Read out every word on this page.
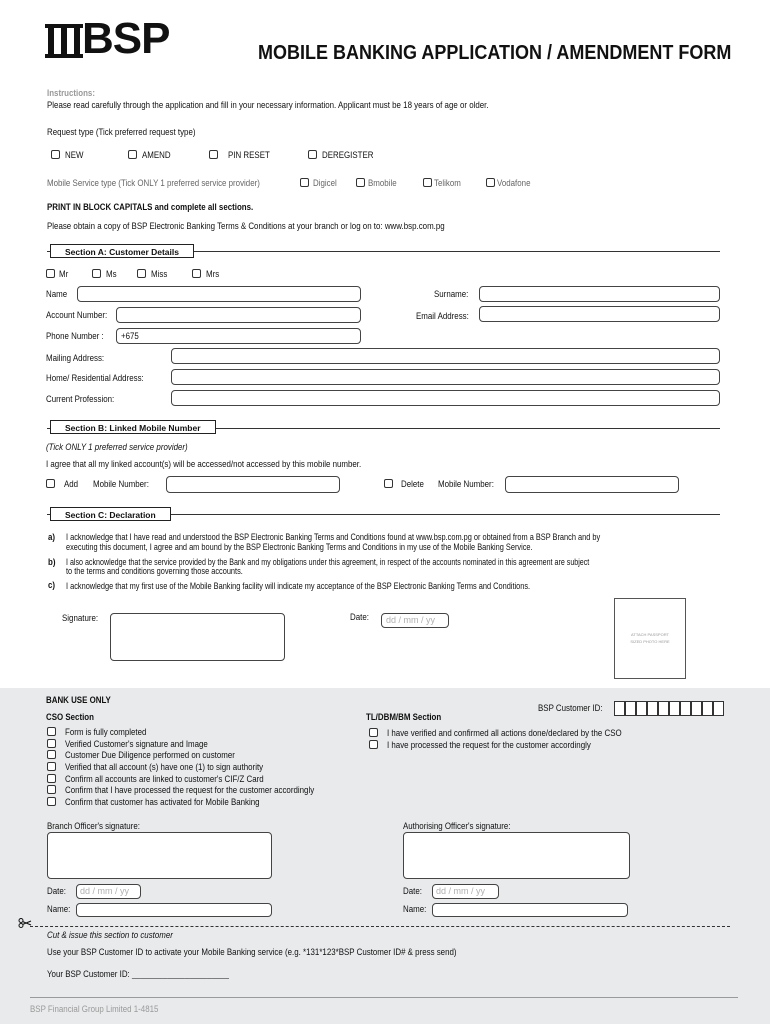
BSP	MOBILE BANKING APPLICATION / AMENDMENT FORM
Instructions:
Please read carefully through the application and fill in your necessary information. Applicant must be 18 years of age or older.
Request type (Tick preferred request type)
NEW	AMEND	PIN RESET	DEREGISTER
Mobile Service type (Tick ONLY 1 preferred service provider)	Digicel	Bmobile	Telikom	Vodafone
PRINT IN BLOCK CAPITALS and complete all sections.
Please obtain a copy of BSP Electronic Banking Terms & Conditions at your branch or log on to: www.bsp.com.pg
Section A: Customer Details
Mr	Ms	Miss	Mrs
Name	Surname:
Account Number:	Email Address:
Phone Number : +675
Mailing Address:
Home/ Residential Address:
Current Profession:
Section B: Linked Mobile Number
(Tick ONLY 1 preferred service provider)
I agree that all my linked account(s) will be accessed/not accessed by this mobile number.
Add Mobile Number:	Delete Mobile Number:
Section C: Declaration
a) I acknowledge that I have read and understood the BSP Electronic Banking Terms and Conditions found at www.bsp.com.pg or obtained from a BSP Branch and by
executing this document, I agree and am bound by the BSP Electronic Banking Terms and Conditions in my use of the Mobile Banking Service.
b) I also acknowledge that the service provided by the Bank and my obligations under this agreement, in respect of the accounts nominated in this agreement are subject
to the terms and conditions governing those accounts.
c) I acknowledge that my first use of the Mobile Banking facility will indicate my acceptance of the BSP Electronic Banking Terms and Conditions.
Signature:	Date: dd / mm / yy
ATTACH PASSPORT
SIZED PHOTO HERE
BANK USE ONLY
BSP Customer ID:
CSO Section
Form is fully completed
Verified Customer's signature and Image
Customer Due Diligence performed on customer
Verified that all account (s) have one (1) to sign authority
Confirm all accounts are linked to customer's CIF/Z Card
Confirm that I have processed the request for the customer accordingly
Confirm that customer has activated for Mobile Banking
TL/DBM/BM Section
I have verified and confirmed all actions done/declared by the CSO
I have processed the request for the customer accordingly
Branch Officer's signature:	Authorising Officer's signature:
Date: dd / mm / yy	Date: dd / mm / yy
Name:	Name:
Cut & issue this section to customer
Use your BSP Customer ID to activate your Mobile Banking service (e.g. *131*123*BSP Customer ID# & press send)
Your BSP Customer ID: ______________________
BSP Financial Group Limited 1-4815
